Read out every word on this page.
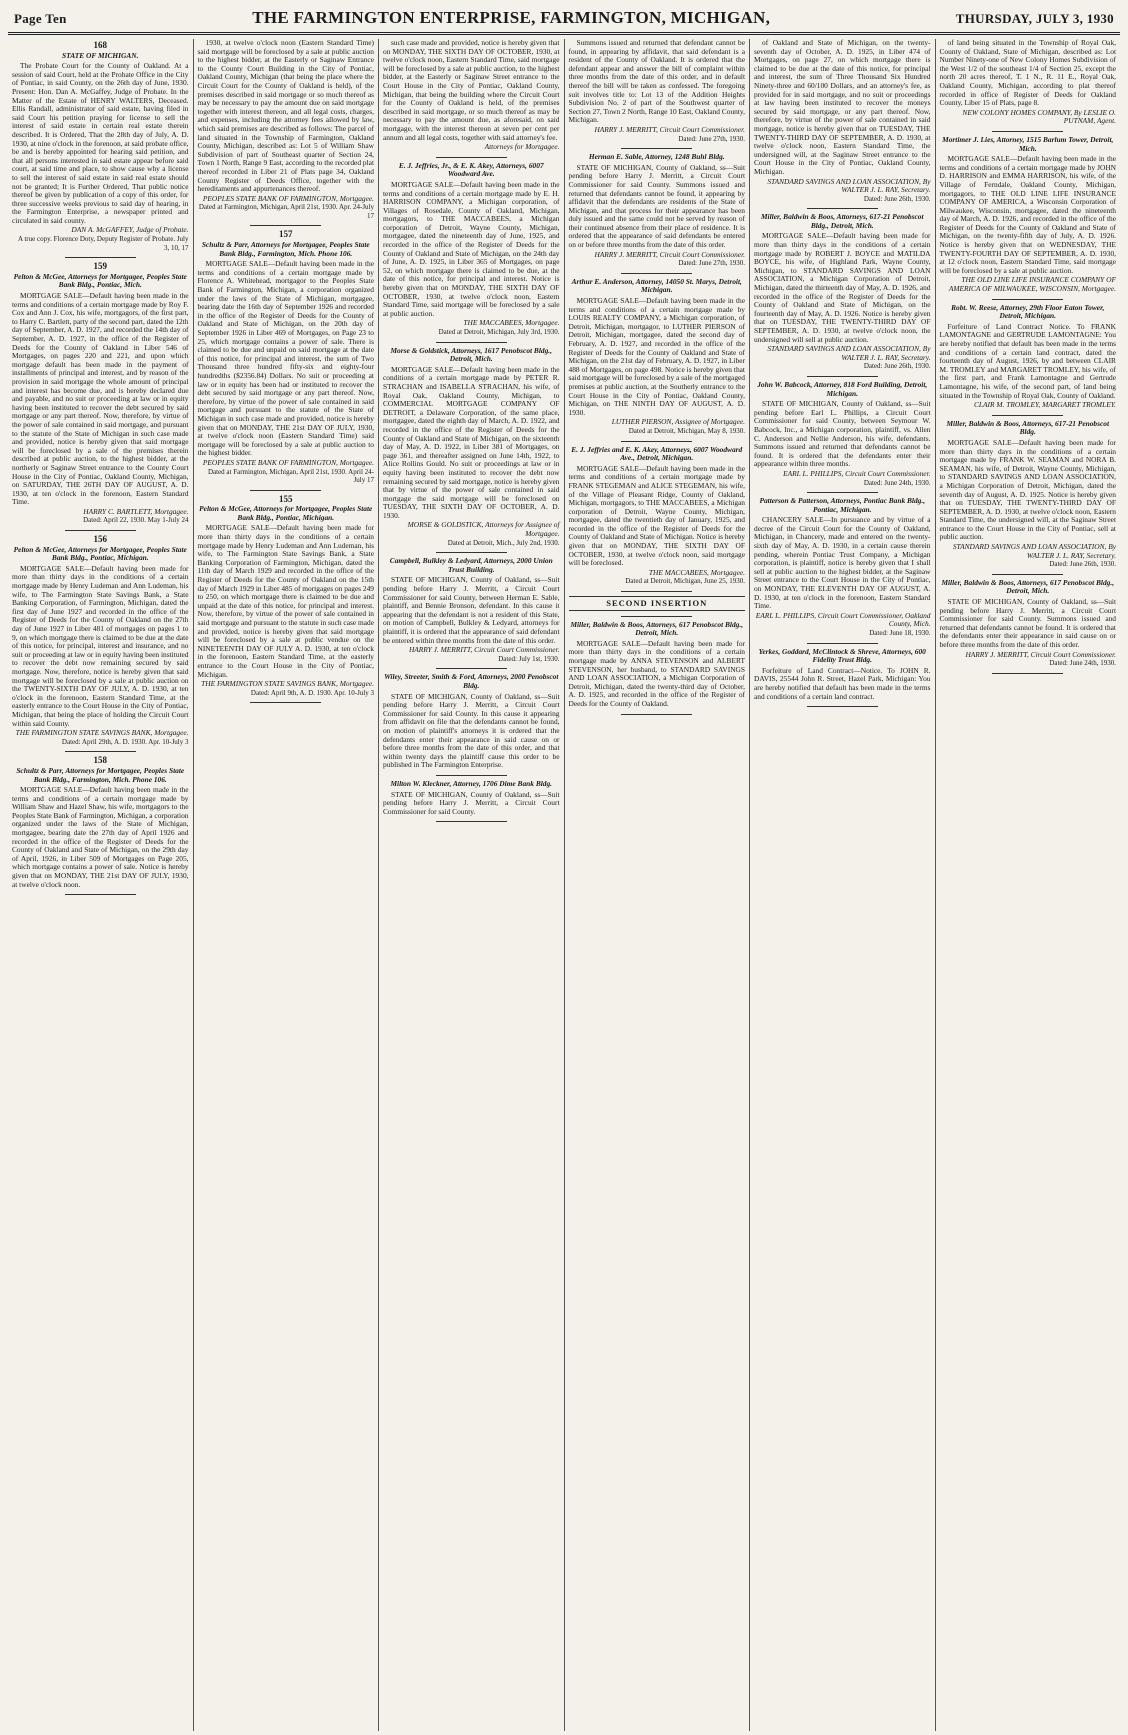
Page Ten	THE FARMINGTON ENTERPRISE, FARMINGTON, MICHIGAN,	THURSDAY, JULY 3, 1930
168
STATE OF MICHIGAN.
The Probate Court for the County of Oakland. At a session of said Court, held at the Probate Office in the City of Pontiac, in said County, on the 26th day of June, 1930. Present: Hon. Dan A. McGaffey, Judge of Probate. In the Matter of the Estate of HENRY WALTERS, Deceased. Ellis Randall, administrator of said estate, having filed in said Court his petition praying for license to sell the interest of said estate in certain real estate therein described. It is Ordered, That the 28th day of July, A. D. 1930, at nine o'clock in the forenoon, at said probate office, be and is hereby appointed for hearing said petition, and that all persons interested in said estate appear before said court, at said time and place, to show cause why a license to sell the interest of said estate in said real estate should not be granted; It is Further Ordered, That public notice thereof be given by publication of a copy of this order, for three successive weeks previous to said day of hearing, in the Farmington Enterprise, a newspaper printed and circulated in said county.
DAN A. McGAFFEY, Judge of Probate.
A true copy. Florence Doty, Deputy Register of Probate. July 3, 10, 17
159
Pelton & McGee, Attorneys for Mortgagee, Peoples State Bank Bldg., Pontiac, Mich.
MORTGAGE SALE—Default having been made in the terms and conditions of a certain mortgage made by Roy F. Cox and Ann J. Cox, his wife, mortgagors, of the first part, to Harry C. Bartlett, party of the second part, dated the 12th day of September, A. D. 1927, and recorded the 14th day of September, A. D. 1927, in the office of the Register of Deeds for the County of Oakland in Liber 546 of Mortgages, on pages 220 and 221, and upon which mortgage default has been made in the payment of installments of principal and interest, and by reason of the provision in said mortgage the whole amount of principal and interest has become due, and is hereby declared due and payable, and no suit or proceeding at law or in equity having been instituted to recover the debt secured by said mortgage or any part thereof. Now, therefore, by virtue of the power of sale contained in said mortgage, and pursuant to the statute of the State of Michigan in such case made and provided, notice is hereby given that said mortgage will be foreclosed by a sale of the premises therein described at public auction, to the highest bidder, at the northerly or Saginaw Street entrance to the County Court House in the City of Pontiac, Oakland County, Michigan, on SATURDAY, THE 26TH DAY OF AUGUST, A. D. 1930, at ten o'clock in the forenoon, Eastern Standard Time.
HARRY C. BARTLETT, Mortgagee.
Dated: April 22, 1930. May 1-July 24
156
Pelton & McGee, Attorneys for Mortgagee, Peoples State Bank Bldg., Pontiac, Michigan.
MORTGAGE SALE—Default having been made for more than thirty days in the conditions of a certain mortgage made by Henry Ludeman and Ann Ludeman, his wife, to The Farmington State Savings Bank, a State Banking Corporation, of Farmington, Michigan, dated the first day of June 1927 and recorded in the office of the Register of Deeds for the County of Oakland on the 27th day of June 1927 in Liber 481 of mortgages on pages 1 to 9, on which mortgage there is claimed to be due at the date of this notice, for principal, interest and insurance, and no suit or proceeding at law or in equity having been instituted to recover the debt now remaining secured by said mortgage. Now, therefore, notice is hereby given that said mortgage will be foreclosed by a sale at public auction on the TWENTY-SIXTH DAY OF JULY, A. D. 1930, at ten o'clock in the forenoon, Eastern Standard Time, at the easterly entrance to the Court House in the City of Pontiac, Michigan, that being the place of holding the Circuit Court within said County.
THE FARMINGTON STATE SAVINGS BANK, Mortgagee.
Dated: April 29th, A. D. 1930. Apr. 10-July 3
158
Schultz & Parr, Attorneys for Mortgagee, Peoples State Bank Bldg., Farmington, Mich. Phone 106.
MORTGAGE SALE—Default having been made in the terms and conditions of a certain mortgage made by William Shaw and Hazel Shaw, his wife, mortgagors to the Peoples State Bank of Farmington, Michigan, a corporation organized under the laws of the State of Michigan, mortgagee, bearing date the 27th day of April 1926 and recorded in the office of the Register of Deeds for the County of Oakland and State of Michigan, on the 29th day of April, 1926, in Liber 509 of Mortgages on Page 205, which mortgage contains a power of sale. Notice is hereby given that on MONDAY, THE 21st DAY OF JULY, 1930, at twelve o'clock noon.
1930, at twelve o'clock noon (Eastern Standard Time) said mortgage will be foreclosed by a sale at public auction to the highest bidder, at the Easterly or Saginaw Entrance to the County Court Building in the City of Pontiac, Oakland County, Michigan (that being the place where the Circuit Court for the County of Oakland is held), of the premises described in said mortgage or so much thereof as may be necessary to pay the amount due on said mortgage together with interest thereon, and all legal costs, charges, and expenses, including the attorney fees allowed by law, which said premises are described as follows: The parcel of land situated in the Township of Farmington, Oakland County, Michigan, described as: Lot 5 of William Shaw Subdivision of part of Southeast quarter of Section 24, Town 1 North, Range 9 East, according to the recorded plat thereof recorded in Liber 21 of Plats page 34, Oakland County Register of Deeds Office, together with the hereditaments and appurtenances thereof.
PEOPLES STATE BANK OF FARMINGTON, Mortgagee.
Dated at Farmington, Michigan, April 21st, 1930. Apr. 24-July 17
157
Schultz & Parr, Attorneys for Mortgagee, Peoples State Bank Bldg., Farmington, Mich. Phone 106.
MORTGAGE SALE—Default having been made in the terms and conditions of a certain mortgage made by Florence A. Whitehead, mortgagor to the Peoples State Bank of Farmington, Michigan, a corporation organized under the laws of the State of Michigan, mortgagee, bearing date the 16th day of September 1926 and recorded in the office of the Register of Deeds for the County of Oakland and State of Michigan, on the 20th day of September 1926 in Liber 469 of Mortgages, on Page 23 to 25, which mortgage contains a power of sale. There is claimed to be due and unpaid on said mortgage at the date of this notice, for principal and interest, the sum of Two Thousand three hundred fifty-six and eighty-four hundredths ($2356.84) Dollars. No suit or proceeding at law or in equity has been had or instituted to recover the debt secured by said mortgage or any part thereof. Now, therefore, by virtue of the power of sale contained in said mortgage and pursuant to the statute of the State of Michigan in such case made and provided, notice is hereby given that on MONDAY, THE 21st DAY OF JULY, 1930, at twelve o'clock noon (Eastern Standard Time) said mortgage will be foreclosed by a sale at public auction to the highest bidder.
PEOPLES STATE BANK OF FARMINGTON, Mortgagee.
Dated at Farmington, Michigan, April 21st, 1930. April 24-July 17
155
Pelton & McGee, Attorneys for Mortgagee, Peoples State Bank Bldg., Pontiac, Michigan.
MORTGAGE SALE—Default having been made for more than thirty days in the conditions of a certain mortgage made by Henry Ludeman and Ann Ludeman, his wife, to The Farmington State Savings Bank, a State Banking Corporation of Farmington, Michigan, dated the 11th day of March 1929 and recorded in the office of the Register of Deeds for the County of Oakland on the 15th day of March 1929 in Liber 485 of mortgages on pages 249 to 250, on which mortgage there is claimed to be due and unpaid at the date of this notice, for principal and interest. Now, therefore, by virtue of the power of sale contained in said mortgage and pursuant to the statute in such case made and provided, notice is hereby given that said mortgage will be foreclosed by a sale at public vendue on the NINETEENTH DAY OF JULY A. D. 1930, at ten o'clock in the forenoon, Eastern Standard Time, at the easterly entrance to the Court House in the City of Pontiac, Michigan.
THE FARMINGTON STATE SAVINGS BANK, Mortgagee.
Dated: April 9th, A. D. 1930. Apr. 10-July 3
such case made and provided, notice is hereby given that on MONDAY, THE SIXTH DAY OF OCTOBER, 1930, at twelve o'clock noon, Eastern Standard Time, said mortgage will be foreclosed by a sale at public auction, to the highest bidder, at the Easterly or Saginaw Street entrance to the Court House in the City of Pontiac, Oakland County, Michigan, that being the building where the Circuit Court for the County of Oakland is held, of the premises described in said mortgage, or so much thereof as may be necessary to pay the amount due, as aforesaid, on said mortgage, with the interest thereon at seven per cent per annum and all legal costs, together with said attorney's fee.
Attorneys for Mortgagee.
E. J. Jeffries, Jr., & E. K. Akey, Attorneys, 6007 Woodward Ave.
MORTGAGE SALE—Default having been made in the terms and conditions of a certain mortgage made by E. H. HARRISON COMPANY, a Michigan corporation, of Villages of Rosedale, County of Oakland, Michigan, mortgagors, to THE MACCABEES, a Michigan corporation of Detroit, Wayne County, Michigan, mortgagee, dated the nineteenth day of June, 1925, and recorded in the office of the Register of Deeds for the County of Oakland and State of Michigan, on the 24th day of June, A. D. 1925, in Liber 365 of Mortgages, on page 52, on which mortgage there is claimed to be due, at the date of this notice, for principal and interest. Notice is hereby given that on MONDAY, THE SIXTH DAY OF OCTOBER, 1930, at twelve o'clock noon, Eastern Standard Time, said mortgage will be foreclosed by a sale at public auction.
THE MACCABEES, Mortgagee.
Dated at Detroit, Michigan, July 3rd, 1930.
Morse & Goldstick, Attorneys, 1617 Penobscot Bldg., Detroit, Mich.
MORTGAGE SALE—Default having been made in the conditions of a certain mortgage made by PETER R. STRACHAN and ISABELLA STRACHAN, his wife, of Royal Oak, Oakland County, Michigan, to COMMERCIAL MORTGAGE COMPANY OF DETROIT, a Delaware Corporation, of the same place, mortgagee, dated the eighth day of March, A. D. 1922, and recorded in the office of the Register of Deeds for the County of Oakland and State of Michigan, on the sixteenth day of May, A. D. 1922, in Liber 381 of Mortgages, on page 361, and thereafter assigned on June 14th, 1922, to Alice Rollins Gould. No suit or proceedings at law or in equity having been instituted to recover the debt now remaining secured by said mortgage, notice is hereby given that by virtue of the power of sale contained in said mortgage the said mortgage will be foreclosed on TUESDAY, THE SIXTH DAY OF OCTOBER, A. D. 1930.
MORSE & GOLDSTICK, Attorneys for Assignee of Mortgagee.
Dated at Detroit, Mich., July 2nd, 1930.
Campbell, Bulkley & Ledyard, Attorneys, 2000 Union Trust Building.
STATE OF MICHIGAN, County of Oakland, ss—Suit pending before Harry J. Merritt, a Circuit Court Commissioner for said County, between Herman E. Sable, plaintiff, and Bennie Bronson, defendant. In this cause it appearing that the defendant is not a resident of this State, on motion of Campbell, Bulkley & Ledyard, attorneys for plaintiff, it is ordered that the appearance of said defendant be entered within three months from the date of this order.
HARRY J. MERRITT, Circuit Court Commissioner.
Dated: July 1st, 1930.
Wiley, Streeter, Smith & Ford, Attorneys, 2000 Penobscot Bldg.
STATE OF MICHIGAN, County of Oakland, ss—Suit pending before Harry J. Merritt, a Circuit Court Commissioner for said County. In this cause it appearing from affidavit on file that the defendants cannot be found, on motion of plaintiff's attorneys it is ordered that the defendants enter their appearance in said cause on or before three months from the date of this order, and that within twenty days the plaintiff cause this order to be published in The Farmington Enterprise.
Milton W. Kleckner, Attorney, 1706 Dime Bank Bldg.
STATE OF MICHIGAN, County of Oakland, ss—Suit pending before Harry J. Merritt, a Circuit Court Commissioner for said County.
Summons issued and returned that defendant cannot be found, in appearing by affidavit, that said defendant is a resident of the County of Oakland. It is ordered that the defendant appear and answer the bill of complaint within three months from the date of this order, and in default thereof the bill will be taken as confessed. The foregoing suit involves title to: Lot 13 of the Addition Heights Subdivision No. 2 of part of the Southwest quarter of Section 27, Town 2 North, Range 10 East, Oakland County, Michigan.
HARRY J. MERRITT, Circuit Court Commissioner.
Dated: June 27th, 1930.
Herman E. Sable, Attorney, 1248 Buhl Bldg.
STATE OF MICHIGAN, County of Oakland, ss—Suit pending before Harry J. Merritt, a Circuit Court Commissioner for said County. Summons issued and returned that defendants cannot be found, it appearing by affidavit that the defendants are residents of the State of Michigan, and that process for their appearance has been duly issued and the same could not be served by reason of their continued absence from their place of residence. It is ordered that the appearance of said defendants be entered on or before three months from the date of this order.
HARRY J. MERRITT, Circuit Court Commissioner.
Dated: June 27th, 1930.
Arthur E. Anderson, Attorney, 14050 St. Marys, Detroit, Michigan.
MORTGAGE SALE—Default having been made in the terms and conditions of a certain mortgage made by LOUIS REALTY COMPANY, a Michigan corporation, of Detroit, Michigan, mortgagor, to LUTHER PIERSON of Detroit, Michigan, mortgagee, dated the second day of February, A. D. 1927, and recorded in the office of the Register of Deeds for the County of Oakland and State of Michigan, on the 21st day of February, A. D. 1927, in Liber 488 of Mortgages, on page 498. Notice is hereby given that said mortgage will be foreclosed by a sale of the mortgaged premises at public auction, at the Southerly entrance to the Court House in the City of Pontiac, Oakland County, Michigan, on THE NINTH DAY OF AUGUST, A. D. 1930.
LUTHER PIERSON, Assignee of Mortgagee.
Dated at Detroit, Michigan, May 8, 1930.
E. J. Jeffries and E. K. Akey, Attorneys, 6007 Woodward Ave., Detroit, Michigan.
MORTGAGE SALE—Default having been made in the terms and conditions of a certain mortgage made by FRANK STEGEMAN and ALICE STEGEMAN, his wife, of the Village of Pleasant Ridge, County of Oakland, Michigan, mortgagors, to THE MACCABEES, a Michigan corporation of Detroit, Wayne County, Michigan, mortgagee, dated the twentieth day of January, 1925, and recorded in the office of the Register of Deeds for the County of Oakland and State of Michigan. Notice is hereby given that on MONDAY, THE SIXTH DAY OF OCTOBER, 1930, at twelve o'clock noon, said mortgage will be foreclosed.
THE MACCABEES, Mortgagee.
Dated at Detroit, Michigan, June 25, 1930.
SECOND INSERTION
Miller, Baldwin & Boos, Attorneys, 617 Penobscot Bldg., Detroit, Mich.
MORTGAGE SALE—Default having been made for more than thirty days in the conditions of a certain mortgage made by ANNA STEVENSON and ALBERT STEVENSON, her husband, to STANDARD SAVINGS AND LOAN ASSOCIATION, a Michigan Corporation of Detroit, Michigan, dated the twenty-third day of October, A. D. 1925, and recorded in the office of the Register of Deeds for the County of Oakland.
of Oakland and State of Michigan, on the twenty-seventh day of October, A. D. 1925, in Liber 474 of Mortgages, on page 27, on which mortgage there is claimed to be due at the date of this notice, for principal and interest, the sum of Three Thousand Six Hundred Ninety-three and 60/100 Dollars, and an attorney's fee, as provided for in said mortgage, and no suit or proceedings at law having been instituted to recover the moneys secured by said mortgage, or any part thereof. Now, therefore, by virtue of the power of sale contained in said mortgage, notice is hereby given that on TUESDAY, THE TWENTY-THIRD DAY OF SEPTEMBER, A. D. 1930, at twelve o'clock noon, Eastern Standard Time, the undersigned will, at the Saginaw Street entrance to the Court House in the City of Pontiac, Oakland County, Michigan.
STANDARD SAVINGS AND LOAN ASSOCIATION, By WALTER J. L. RAY, Secretary.
Dated: June 26th, 1930.
Miller, Baldwin & Boos, Attorneys, 617-21 Penobscot Bldg., Detroit, Mich.
MORTGAGE SALE—Default having been made for more than thirty days in the conditions of a certain mortgage made by ROBERT J. BOYCE and MATILDA BOYCE, his wife, of Highland Park, Wayne County, Michigan, to STANDARD SAVINGS AND LOAN ASSOCIATION, a Michigan Corporation of Detroit, Michigan, dated the thirteenth day of May, A. D. 1926, and recorded in the office of the Register of Deeds for the County of Oakland and State of Michigan, on the fourteenth day of May, A. D. 1926. Notice is hereby given that on TUESDAY, THE TWENTY-THIRD DAY OF SEPTEMBER, A. D. 1930, at twelve o'clock noon, the undersigned will sell at public auction.
STANDARD SAVINGS AND LOAN ASSOCIATION, By WALTER J. L. RAY, Secretary.
Dated: June 26th, 1930.
John W. Babcock, Attorney, 818 Ford Building, Detroit, Michigan.
STATE OF MICHIGAN, County of Oakland, ss—Suit pending before Earl L. Phillips, a Circuit Court Commissioner for said County, between Seymour W. Babcock, Inc., a Michigan corporation, plaintiff, vs. Allen C. Anderson and Nellie Anderson, his wife, defendants. Summons issued and returned that defendants cannot be found. It is ordered that the defendants enter their appearance within three months.
EARL L. PHILLIPS, Circuit Court Commissioner.
Dated: June 24th, 1930.
Patterson & Patterson, Attorneys, Pontiac Bank Bldg., Pontiac, Michigan.
CHANCERY SALE—In pursuance and by virtue of a decree of the Circuit Court for the County of Oakland, Michigan, in Chancery, made and entered on the twenty-sixth day of May, A. D. 1930, in a certain cause therein pending, wherein Pontiac Trust Company, a Michigan corporation, is plaintiff, notice is hereby given that I shall sell at public auction to the highest bidder, at the Saginaw Street entrance to the Court House in the City of Pontiac, on MONDAY, THE ELEVENTH DAY OF AUGUST, A. D. 1930, at ten o'clock in the forenoon, Eastern Standard Time.
EARL L. PHILLIPS, Circuit Court Commissioner, Oakland County, Mich.
Dated: June 18, 1930.
Yerkes, Goddard, McClintock & Shreve, Attorneys, 600 Fidelity Trust Bldg.
Forfeiture of Land Contract—Notice. To JOHN R. DAVIS, 25544 John R. Street, Hazel Park, Michigan: You are hereby notified that default has been made in the terms and conditions of a certain land contract.
of land being situated in the Township of Royal Oak, County of Oakland, State of Michigan, described as: Lot Number Ninety-one of New Colony Homes Subdivision of the West 1/2 of the southeast 1/4 of Section 25, except the north 20 acres thereof, T. 1 N., R. 11 E., Royal Oak, Oakland County, Michigan, according to plat thereof recorded in office of Register of Deeds for Oakland County, Liber 15 of Plats, page 8.
NEW COLONY HOMES COMPANY, By LESLIE O. PUTNAM, Agent.
Mortimer J. Lies, Attorney, 1515 Barlum Tower, Detroit, Mich.
MORTGAGE SALE—Default having been made in the terms and conditions of a certain mortgage made by JOHN D. HARRISON and EMMA HARRISON, his wife, of the Village of Ferndale, Oakland County, Michigan, mortgagors, to THE OLD LINE LIFE INSURANCE COMPANY OF AMERICA, a Wisconsin Corporation of Milwaukee, Wisconsin, mortgagee, dated the nineteenth day of March, A. D. 1926, and recorded in the office of the Register of Deeds for the County of Oakland and State of Michigan, on the twenty-fifth day of July, A. D. 1926. Notice is hereby given that on WEDNESDAY, THE TWENTY-FOURTH DAY OF SEPTEMBER, A. D. 1930, at 12 o'clock noon, Eastern Standard Time, said mortgage will be foreclosed by a sale at public auction.
THE OLD LINE LIFE INSURANCE COMPANY OF AMERICA OF MILWAUKEE, WISCONSIN, Mortgagee.
Robt. W. Reese, Attorney, 29th Floor Eaton Tower, Detroit, Michigan.
Forfeiture of Land Contract Notice. To FRANK LAMONTAGNE and GERTRUDE LAMONTAGNE: You are hereby notified that default has been made in the terms and conditions of a certain land contract, dated the fourteenth day of August, 1926, by and between CLAIR M. TROMLEY and MARGARET TROMLEY, his wife, of the first part, and Frank Lamontagne and Gertrude Lamontagne, his wife, of the second part, of land being situated in the Township of Royal Oak, County of Oakland.
CLAIR M. TROMLEY, MARGARET TROMLEY.
Miller, Baldwin & Boos, Attorneys, 617-21 Penobscot Bldg.
MORTGAGE SALE—Default having been made for more than thirty days in the conditions of a certain mortgage made by FRANK W. SEAMAN and NORA B. SEAMAN, his wife, of Detroit, Wayne County, Michigan, to STANDARD SAVINGS AND LOAN ASSOCIATION, a Michigan Corporation of Detroit, Michigan, dated the seventh day of August, A. D. 1925. Notice is hereby given that on TUESDAY, THE TWENTY-THIRD DAY OF SEPTEMBER, A. D. 1930, at twelve o'clock noon, Eastern Standard Time, the undersigned will, at the Saginaw Street entrance to the Court House in the City of Pontiac, sell at public auction.
STANDARD SAVINGS AND LOAN ASSOCIATION, By WALTER J. L. RAY, Secretary.
Dated: June 26th, 1930.
Miller, Baldwin & Boos, Attorneys, 617 Penobscot Bldg., Detroit, Mich.
STATE OF MICHIGAN, County of Oakland, ss—Suit pending before Harry J. Merritt, a Circuit Court Commissioner for said County. Summons issued and returned that defendants cannot be found. It is ordered that the defendants enter their appearance in said cause on or before three months from the date of this order.
HARRY J. MERRITT, Circuit Court Commissioner.
Dated: June 24th, 1930.
